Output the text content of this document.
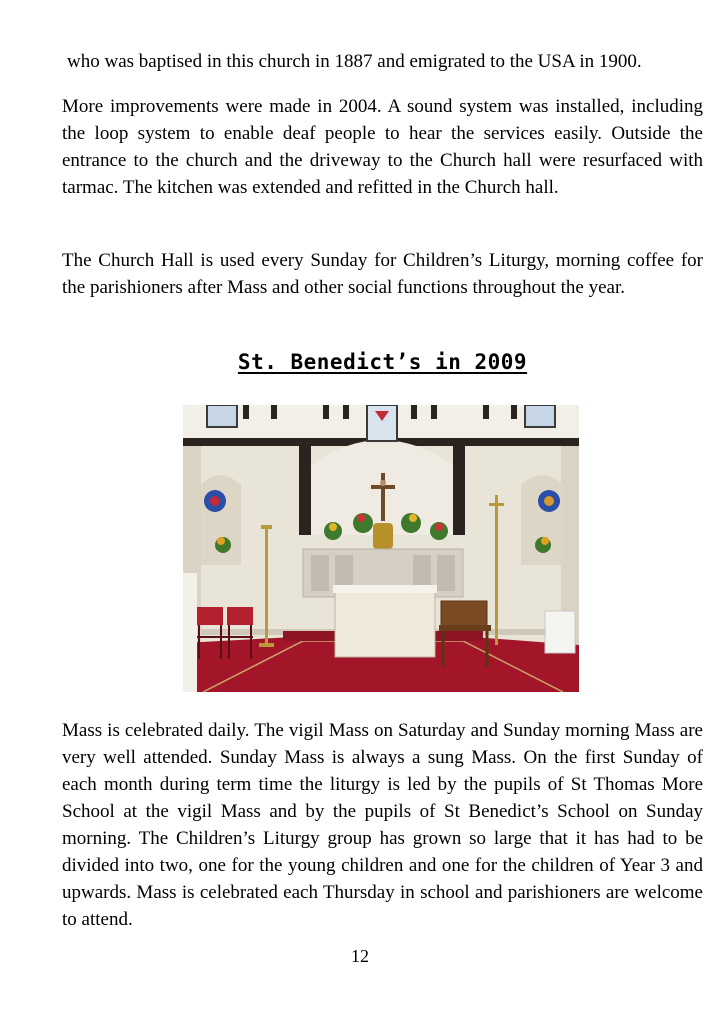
who was baptised in this church in 1887 and emigrated to the USA in 1900.

More improvements were made in 2004. A sound system was installed, including the loop system to enable deaf people to hear the services easily. Outside the entrance to the church and the driveway to the Church hall were resurfaced with tarmac. The kitchen was extended and refitted in the Church hall.

The Church Hall is used every Sunday for Children’s Liturgy, morning coffee for the parishioners after Mass and other social functions throughout the year.

St. Benedict’s in 2009

Mass is celebrated daily. The vigil Mass on Saturday and Sunday morning Mass are very well attended. Sunday Mass is always a sung Mass. On the first Sunday of each month during term time the liturgy is led by the pupils of St Thomas More School at the vigil Mass and by the pupils of St Benedict’s School on Sunday morning. The Children’s Liturgy group has grown so large that it has had to be divided into two, one for the young children and one for the children of Year 3 and upwards. Mass is celebrated each Thursday in school and parishioners are welcome to attend.

12
